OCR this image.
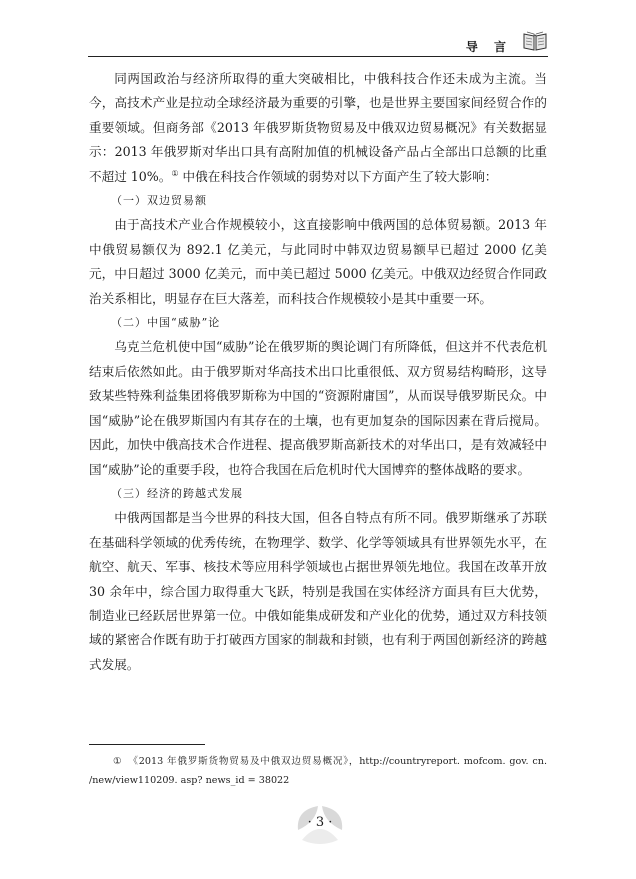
导 言

同两国政治与经济所取得的重大突破相比，中俄科技合作还未成为主流。当今，高技术产业是拉动全球经济最为重要的引擎，也是世界主要国家间经贸合作的重要领域。但商务部《2013 年俄罗斯货物贸易及中俄双边贸易概况》有关数据显示：2013 年俄罗斯对华出口具有高附加值的机械设备产品占全部出口总额的比重不超过 10%。① 中俄在科技合作领域的弱势对以下方面产生了较大影响：

（一）双边贸易额

由于高技术产业合作规模较小，这直接影响中俄两国的总体贸易额。2013 年中俄贸易额仅为 892.1 亿美元，与此同时中韩双边贸易额早已超过 2000 亿美元，中日超过 3000 亿美元，而中美已超过 5000 亿美元。中俄双边经贸合作同政治关系相比，明显存在巨大落差，而科技合作规模较小是其中重要一环。

（二）中国“威胁”论

乌克兰危机使中国“威胁”论在俄罗斯的舆论调门有所降低，但这并不代表危机结束后依然如此。由于俄罗斯对华高技术出口比重很低、双方贸易结构畸形，这导致某些特殊利益集团将俄罗斯称为中国的“资源附庸国”，从而误导俄罗斯民众。中国“威胁”论在俄罗斯国内有其存在的土壤，也有更加复杂的国际因素在背后搅局。因此，加快中俄高技术合作进程、提高俄罗斯高新技术的对华出口，是有效减轻中国“威胁”论的重要手段，也符合我国在后危机时代大国博弈的整体战略的要求。

（三）经济的跨越式发展

中俄两国都是当今世界的科技大国，但各自特点有所不同。俄罗斯继承了苏联在基础科学领域的优秀传统，在物理学、数学、化学等领域具有世界领先水平，在航空、航天、军事、核技术等应用科学领域也占据世界领先地位。我国在改革开放 30 余年中，综合国力取得重大飞跃，特别是我国在实体经济方面具有巨大优势，制造业已经跃居世界第一位。中俄如能集成研发和产业化的优势，通过双方科技领域的紧密合作既有助于打破西方国家的制裁和封锁，也有利于两国创新经济的跨越式发展。

① 《2013 年俄罗斯货物贸易及中俄双边贸易概况》，http://countryreport. mofcom. gov. cn. /new/view110209. asp? news_id = 38022
· 3 ·
